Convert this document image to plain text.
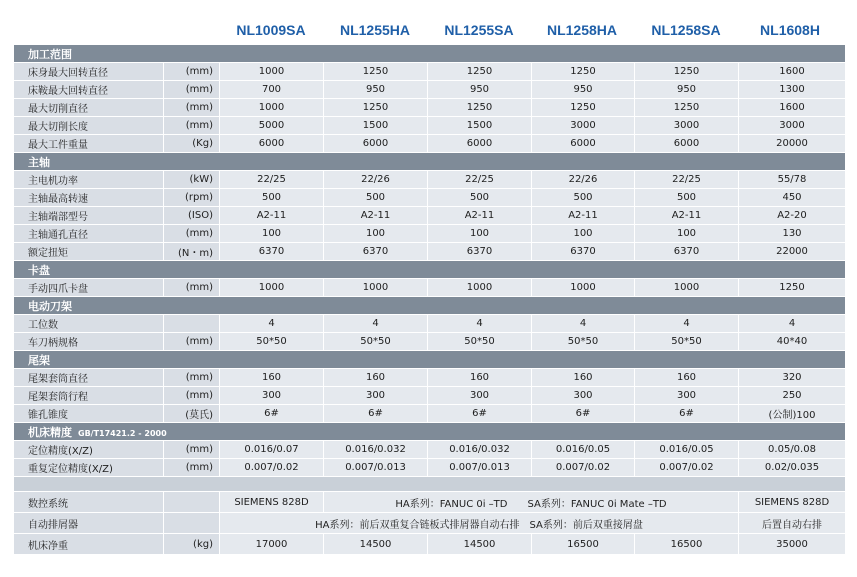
NL1009SA	NL1255HA	NL1255SA	NL1258HA	NL1258SA	NL1608H
加工范围							
床身最大回转直径	(mm)	1000	1250	1250	1250	1250	1600
床鞍最大回转直径	(mm)	700	950	950	950	950	1300
最大切削直径	(mm)	1000	1250	1250	1250	1250	1600
最大切削长度	(mm)	5000	1500	1500	3000	3000	3000
最大工件重量	(Kg)	6000	6000	6000	6000	6000	20000
主轴							
主电机功率	(kW)	22/25	22/26	22/25	22/26	22/25	55/78
主轴最高转速	(rpm)	500	500	500	500	500	450
主轴端部型号	(ISO)	A2-11	A2-11	A2-11	A2-11	A2-11	A2-20
主轴通孔直径	(mm)	100	100	100	100	100	130
额定扭矩	(N・m)	6370	6370	6370	6370	6370	22000
卡盘							
手动四爪卡盘	(mm)	1000	1000	1000	1000	1000	1250
电动刀架							
工位数		4	4	4	4	4	4
车刀柄规格	(mm)	50*50	50*50	50*50	50*50	50*50	40*40
尾架							
尾架套筒直径	(mm)	160	160	160	160	160	320
尾架套筒行程	(mm)	300	300	300	300	300	250
锥孔锥度	(莫氏)	6#	6#	6#	6#	6#	(公制)100
机床精度 GB/T17421.2 - 2000							
定位精度(X/Z)	(mm)	0.016/0.07	0.016/0.032	0.016/0.032	0.016/0.05	0.016/0.05	0.05/0.08
重复定位精度(X/Z)	(mm)	0.007/0.02	0.007/0.013	0.007/0.013	0.007/0.02	0.007/0.02	0.02/0.035

数控系统		SIEMENS 828D	HA系列：FANUC 0i –TD　　SA系列：FANUC 0i Mate –TD				SIEMENS 828D
自动排屑器		HA系列：前后双重复合链板式排屑器自动右排　SA系列：前后双重接屑盘					后置自动右排
机床净重	(kg)	17000	14500	14500	16500	16500	35000
